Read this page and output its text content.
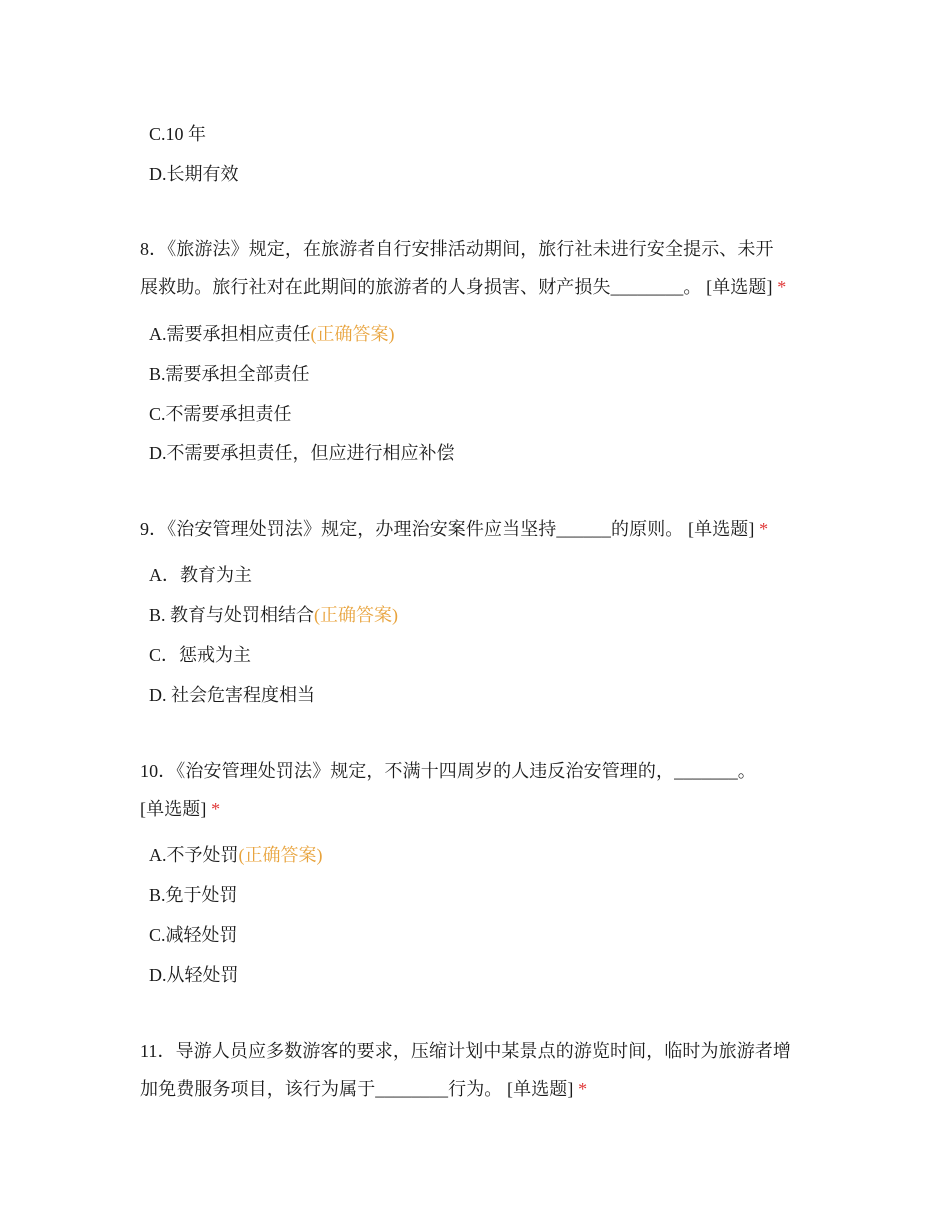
C.10 年
D.长期有效
8．《旅游法》规定，在旅游者自行安排活动期间，旅行社未进行安全提示、未开
展救助。旅行社对在此期间的旅游者的人身损害、财产损失________。 [单选题] *
A.需要承担相应责任(正确答案)
B.需要承担全部责任
C.不需要承担责任
D.不需要承担责任，但应进行相应补偿
9．《治安管理处罚法》规定，办理治安案件应当坚持______的原则。 [单选题] *
A．教育为主
B. 教育与处罚相结合(正确答案)
C．惩戒为主
D. 社会危害程度相当
10．《治安管理处罚法》规定，不满十四周岁的人违反治安管理的，_______。
[单选题] *
A.不予处罚(正确答案)
B.免于处罚
C.减轻处罚
D.从轻处罚
11．导游人员应多数游客的要求，压缩计划中某景点的游览时间，临时为旅游者增
加免费服务项目，该行为属于________行为。 [单选题] *
